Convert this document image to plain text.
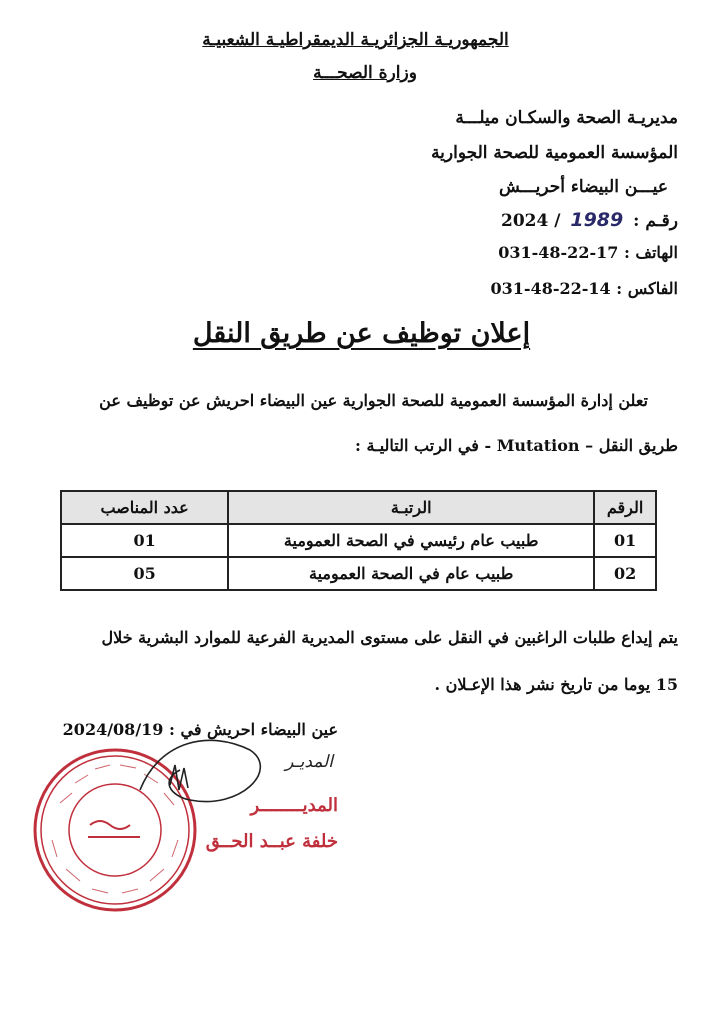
الجمهوريـة الجزائريـة الديمقراطيـة الشعبيـة
وزارة الصحـــة
مديريـة الصحة والسكـان ميلـــة
المؤسسة العمومية للصحة الجوارية
عيـــن البيضاء أحريـــش
رقـم : 1989 2024 /
الهاتف : 031-48-22-17
الفاكس : 031-48-22-14
إعلان توظيف عن طريق النقل
تعلن إدارة المؤسسة العمومية للصحة الجوارية عين البيضاء احريش عن توظيف عن
طريق النقل – Mutation - في الرتب التاليـة :
الرقم	الرتبـة	عدد المناصب
01	طبيب عام رئيسي في الصحة العمومية	01
02	طبيب عام في الصحة العمومية	05
يتم إيداع طلبات الراغبين في النقل على مستوى المديرية الفرعية للموارد البشرية خلال
15 يوما من تاريخ نشر هذا الإعـلان .
عين البيضاء احريش في : 2024/08/19
المديـر
المديــــــــر
خلفة عبــد الحــق
